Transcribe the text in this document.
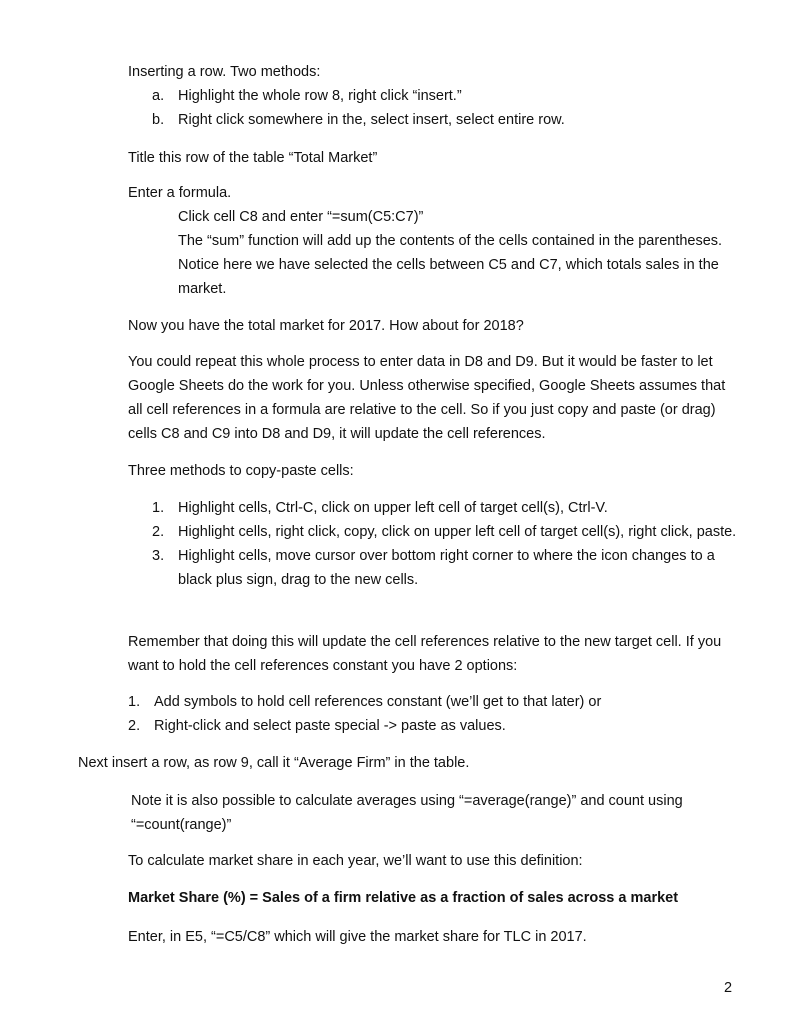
Inserting a row. Two methods:

a. Highlight the whole row 8, right click “insert.”
b. Right click somewhere in the, select insert, select entire row.

Title this row of the table “Total Market”

Enter a formula.

Click cell C8 and enter “=sum(C5:C7)”

The “sum” function will add up the contents of the cells contained in the parentheses. Notice here we have selected the cells between C5 and C7, which totals sales in the market.

Now you have the total market for 2017. How about for 2018?

You could repeat this whole process to enter data in D8 and D9. But it would be faster to let Google Sheets do the work for you. Unless otherwise specified, Google Sheets assumes that all cell references in a formula are relative to the cell. So if you just copy and paste (or drag) cells C8 and C9 into D8 and D9, it will update the cell references.

Three methods to copy-paste cells:

1. Highlight cells, Ctrl-C, click on upper left cell of target cell(s), Ctrl-V.
2. Highlight cells, right click, copy, click on upper left cell of target cell(s), right click, paste.
3. Highlight cells, move cursor over bottom right corner to where the icon changes to a black plus sign, drag to the new cells.

Remember that doing this will update the cell references relative to the new target cell. If you want to hold the cell references constant you have 2 options:

1. Add symbols to hold cell references constant (we’ll get to that later) or
2. Right-click and select paste special -> paste as values.

Next insert a row, as row 9, call it “Average Firm” in the table.

Note it is also possible to calculate averages using “=average(range)” and count using “=count(range)”

To calculate market share in each year, we’ll want to use this definition:

Market Share (%) = Sales of a firm relative as a fraction of sales across a market

Enter, in E5, “=C5/C8” which will give the market share for TLC in 2017.

2
